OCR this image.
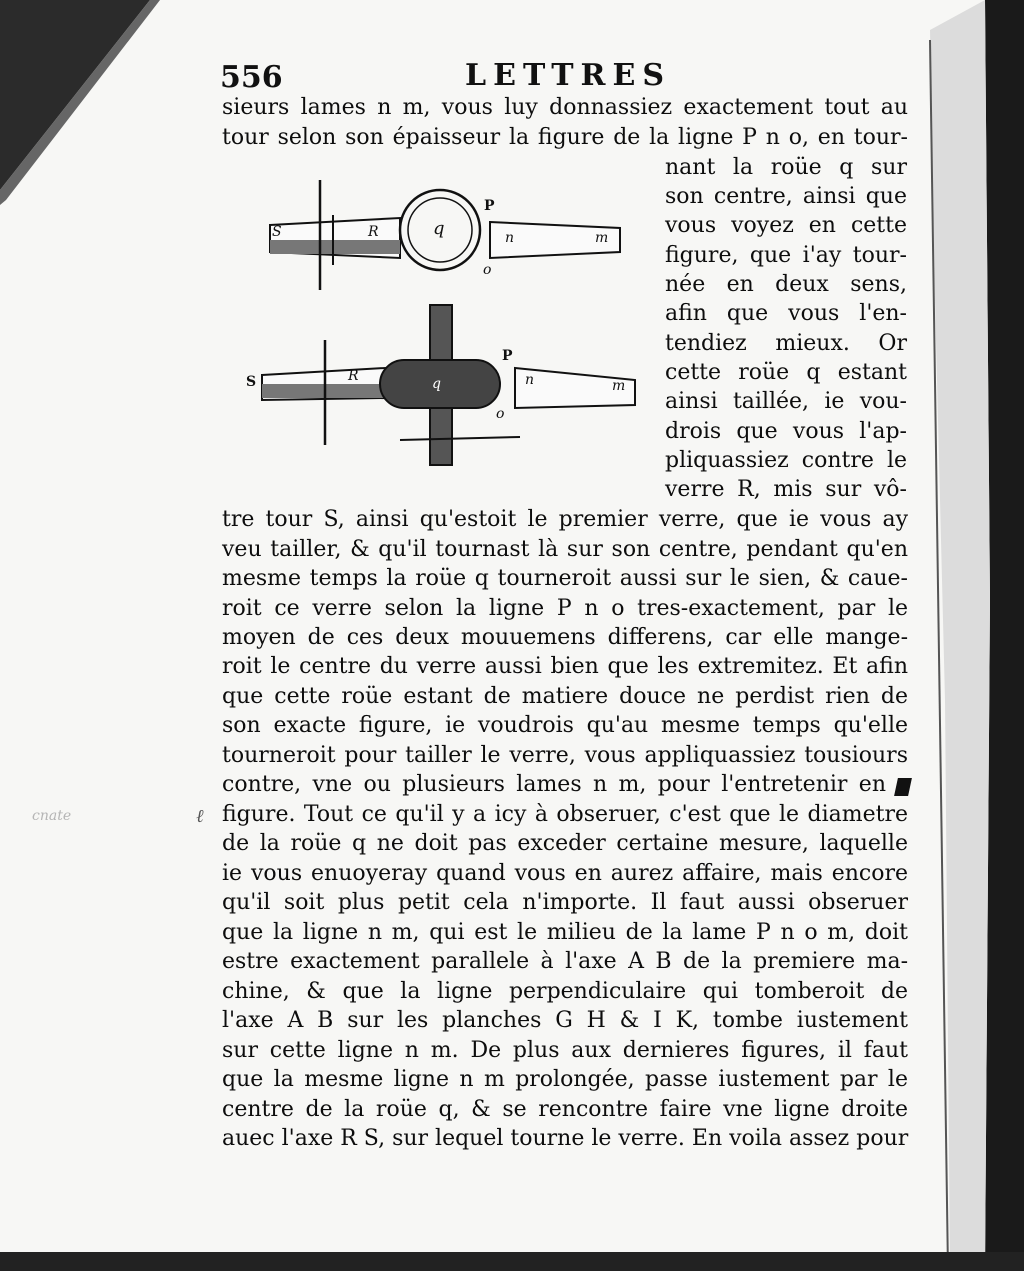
556	LETTRES
S	R	q
P
n	m
o
S	R	q
P
n	m
o
sieurs lames n m, vous luy donnassiez exactement tout au
tour selon son épaisseur la figure de la ligne P n o, en tour-
nant la roüe q sur
son centre, ainsi que
vous voyez en cette
figure, que i'ay tour-
née en deux sens,
afin que vous l'en-
tendiez mieux. Or
cette roüe q estant
ainsi taillée, ie vou-
drois que vous l'ap-
pliquassiez contre le
verre R, mis sur vô-
tre tour S, ainsi qu'estoit le premier verre, que ie vous ay
veu tailler, & qu'il tournast là sur son centre, pendant qu'en
mesme temps la roüe q tourneroit aussi sur le sien, & caue-
roit ce verre selon la ligne P n o tres-exactement, par le
moyen de ces deux mouuemens differens, car elle mange-
roit le centre du verre aussi bien que les extremitez. Et afin
que cette roüe estant de matiere douce ne perdist rien de
son exacte figure, ie voudrois qu'au mesme temps qu'elle
tourneroit pour tailler le verre, vous appliquassiez tousiours
contre, vne ou plusieurs lames n m, pour l'entretenir en
figure. Tout ce qu'il y a icy à obseruer, c'est que le diametre
de la roüe q ne doit pas exceder certaine mesure, laquelle
ie vous enuoyeray quand vous en aurez affaire, mais encore
qu'il soit plus petit cela n'importe. Il faut aussi obseruer
que la ligne n m, qui est le milieu de la lame P n o m, doit
estre exactement parallele à l'axe A B de la premiere ma-
chine, & que la ligne perpendiculaire qui tomberoit de
l'axe A B sur les planches G H & I K, tombe iustement
sur cette ligne n m. De plus aux dernieres figures, il faut
que la mesme ligne n m prolongée, passe iustement par le
centre de la roüe q, & se rencontre faire vne ligne droite
auec l'axe R S, sur lequel tourne le verre. En voila assez pour
cnate	ℓ
